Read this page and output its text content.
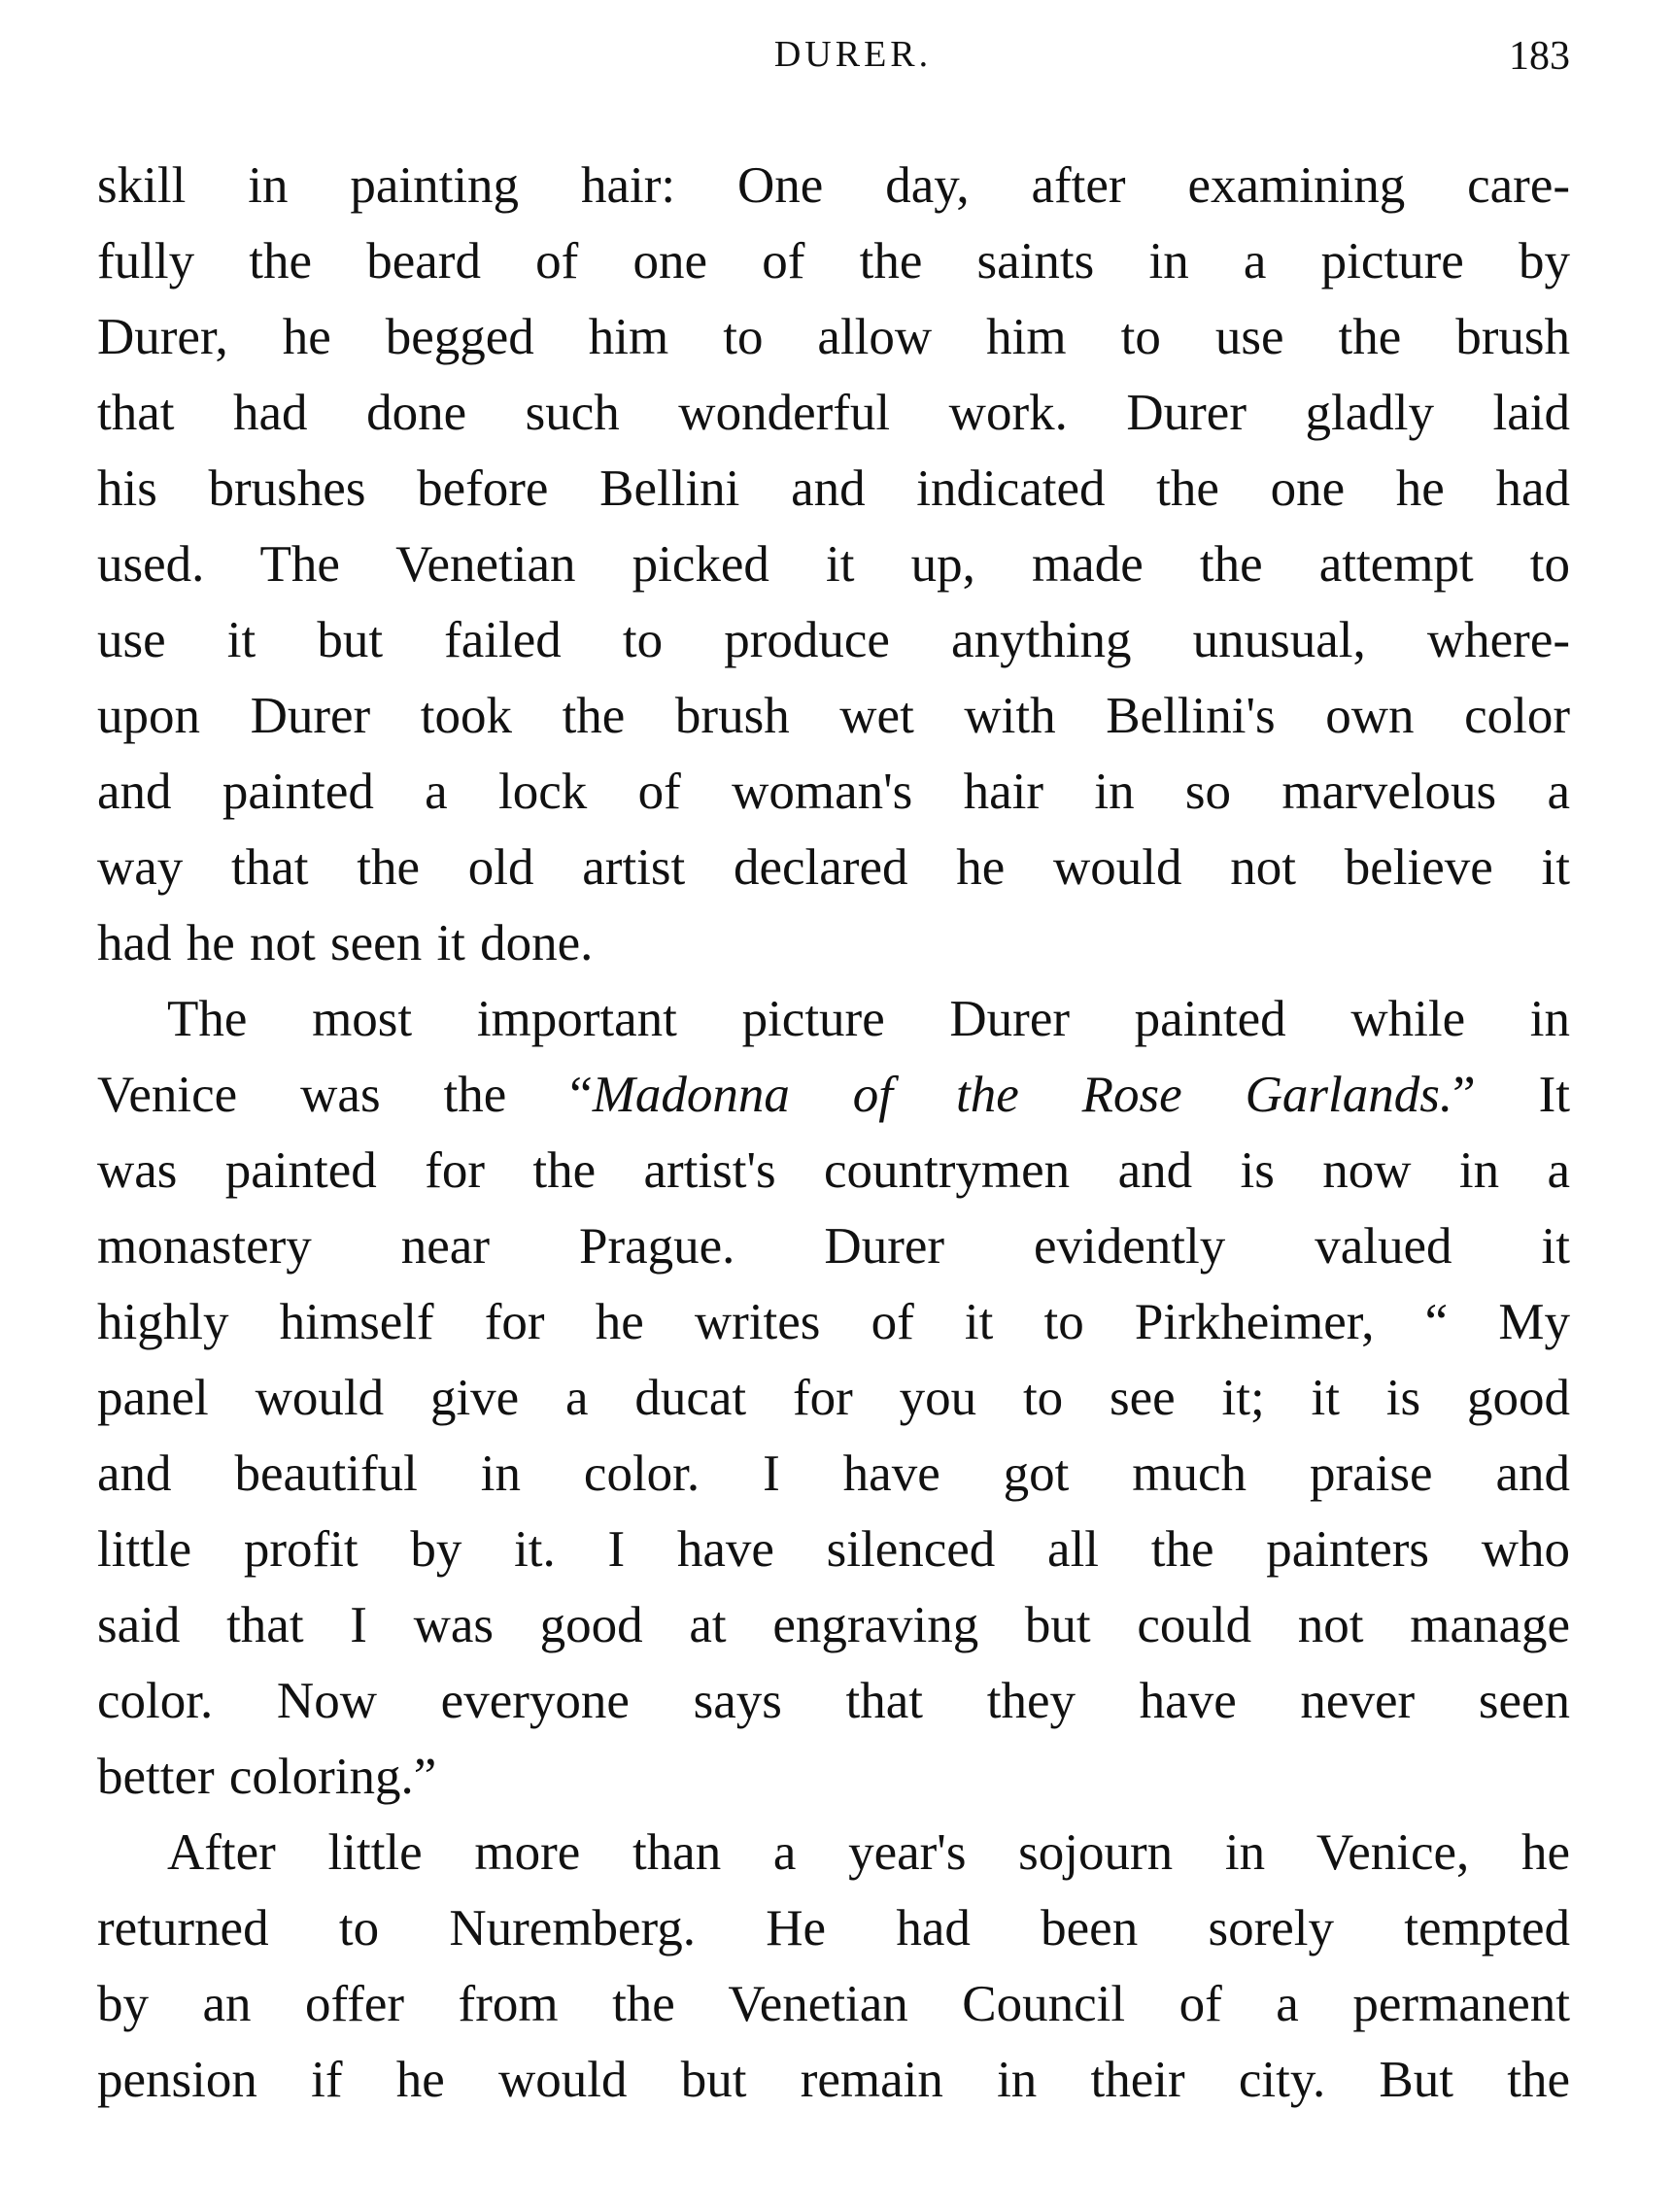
DURER.	183
skill in painting hair: One day, after examining care-
fully the beard of one of the saints in a picture by
Durer, he begged him to allow him to use the brush
that had done such wonderful work. Durer gladly laid
his brushes before Bellini and indicated the one he had
used. The Venetian picked it up, made the attempt to
use it but failed to produce anything unusual, where-
upon Durer took the brush wet with Bellini's own color
and painted a lock of woman's hair in so marvelous a
way that the old artist declared he would not believe it
had he not seen it done.
The most important picture Durer painted while in
Venice was the “Madonna of the Rose Garlands.” It
was painted for the artist's countrymen and is now in a
monastery near Prague. Durer evidently valued it
highly himself for he writes of it to Pirkheimer, “ My
panel would give a ducat for you to see it; it is good
and beautiful in color. I have got much praise and
little profit by it. I have silenced all the painters who
said that I was good at engraving but could not manage
color. Now everyone says that they have never seen
better coloring.”
After little more than a year's sojourn in Venice, he
returned to Nuremberg. He had been sorely tempted
by an offer from the Venetian Council of a permanent
pension if he would but remain in their city. But the
